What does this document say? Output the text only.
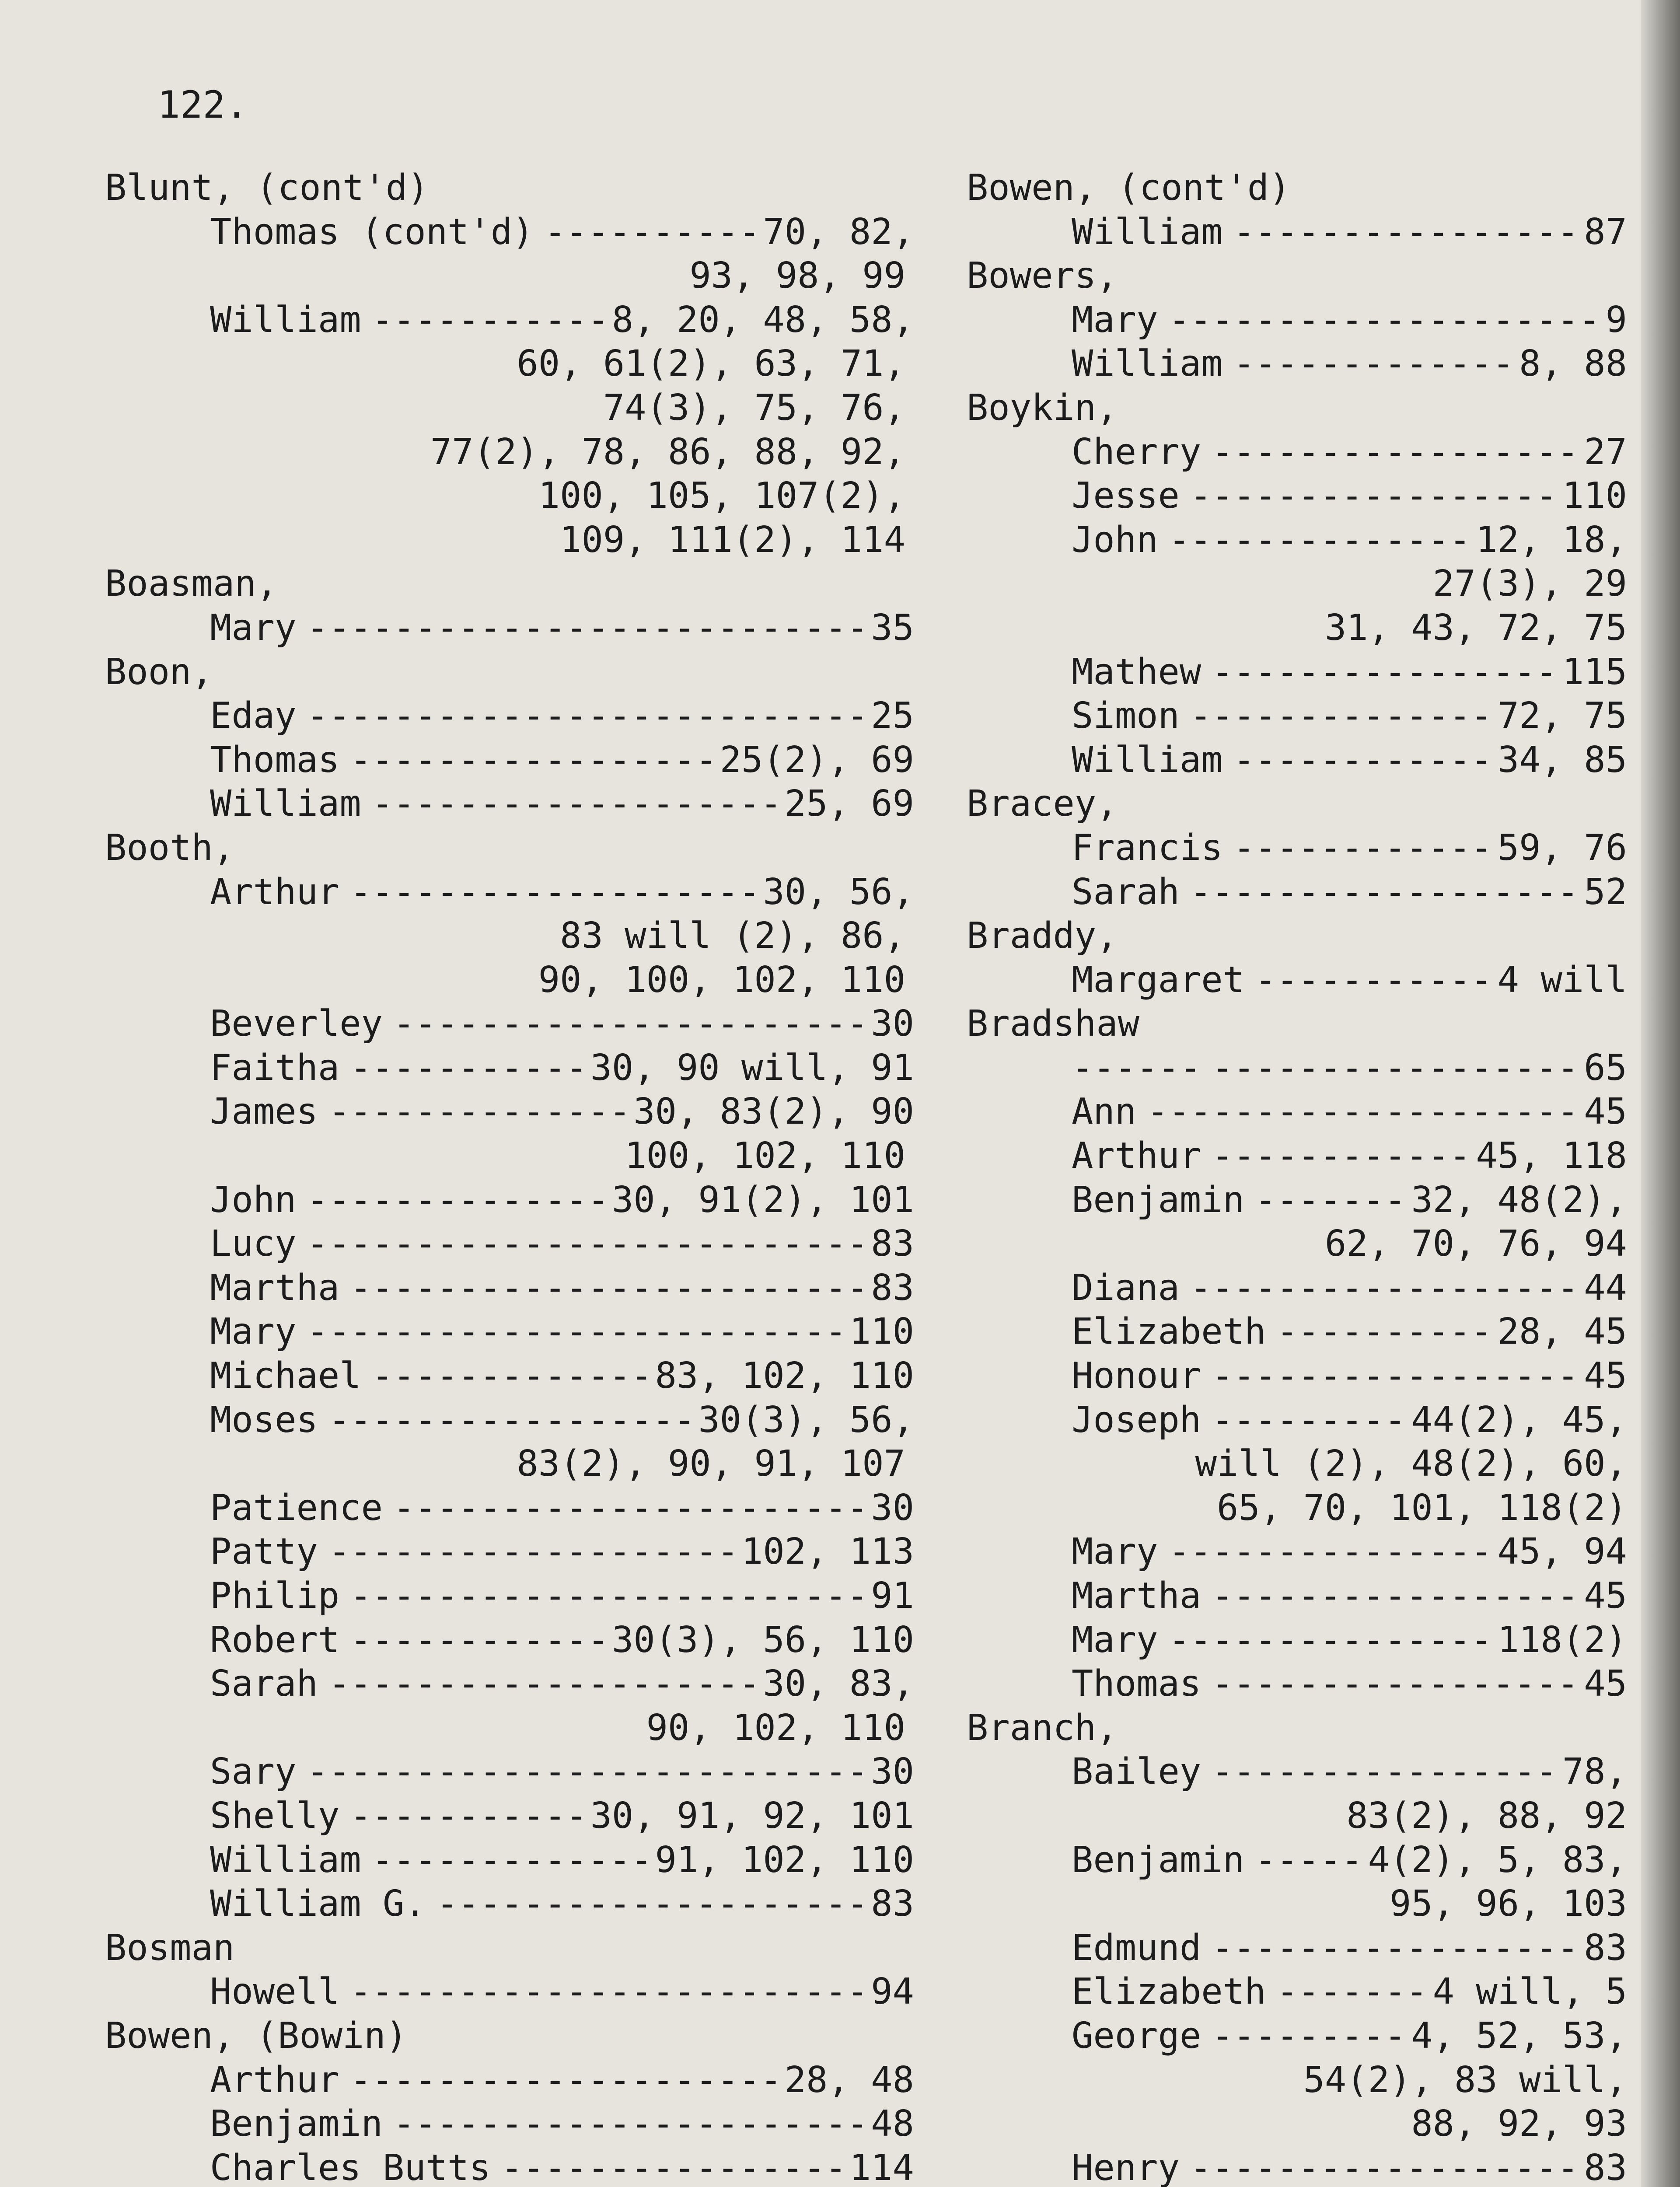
122.
Blunt, (cont'd)
Thomas (cont'd) -----	70, 82,
93, 98, 99
William -----	8, 20, 48, 58,
60, 61(2), 63, 71,
74(3), 75, 76,
77(2), 78, 86, 88, 92,
100, 105, 107(2),
109, 111(2), 114
Boasman,
Mary -----	35
Boon,
Eday -----	25
Thomas -----	25(2), 69
William -----	25, 69
Booth,
Arthur -----	30, 56,
83 will (2), 86,
90, 100, 102, 110
Beverley -----	30
Faitha -----	30, 90 will, 91
James -----	30, 83(2), 90
100, 102, 110
John -----	30, 91(2), 101
Lucy -----	83
Martha -----	83
Mary -----	110
Michael -----	83, 102, 110
Moses -----	30(3), 56,
83(2), 90, 91, 107
Patience -----	30
Patty -----	102, 113
Philip -----	91
Robert -----	30(3), 56, 110
Sarah -----	30, 83,
90, 102, 110
Sary -----	30
Shelly -----	30, 91, 92, 101
William -----	91, 102, 110
William G. -----	83
Bosman
Howell -----	94
Bowen, (Bowin)
Arthur -----	28, 48
Benjamin -----	48
Charles Butts -----	114
Bowen, (cont'd)
William -----	87
Bowers,
Mary -----	9
William -----	8, 88
Boykin,
Cherry -----	27
Jesse -----	110
John -----	12, 18,
27(3), 29
31, 43, 72, 75
Mathew -----	115
Simon -----	72, 75
William -----	34, 85
Bracey,
Francis -----	59, 76
Sarah -----	52
Braddy,
Margaret -----	4 will
Bradshaw
------ -----	65
Ann -----	45
Arthur -----	45, 118
Benjamin -----	32, 48(2),
62, 70, 76, 94
Diana -----	44
Elizabeth -----	28, 45
Honour -----	45
Joseph -----	44(2), 45,
will (2), 48(2), 60,
65, 70, 101, 118(2)
Mary -----	45, 94
Martha -----	45
Mary -----	118(2)
Thomas -----	45
Branch,
Bailey -----	78,
83(2), 88, 92
Benjamin -----	4(2), 5, 83,
95, 96, 103
Edmund -----	83
Elizabeth -----	4 will, 5
George -----	4, 52, 53,
54(2), 83 will,
88, 92, 93
Henry -----	83
